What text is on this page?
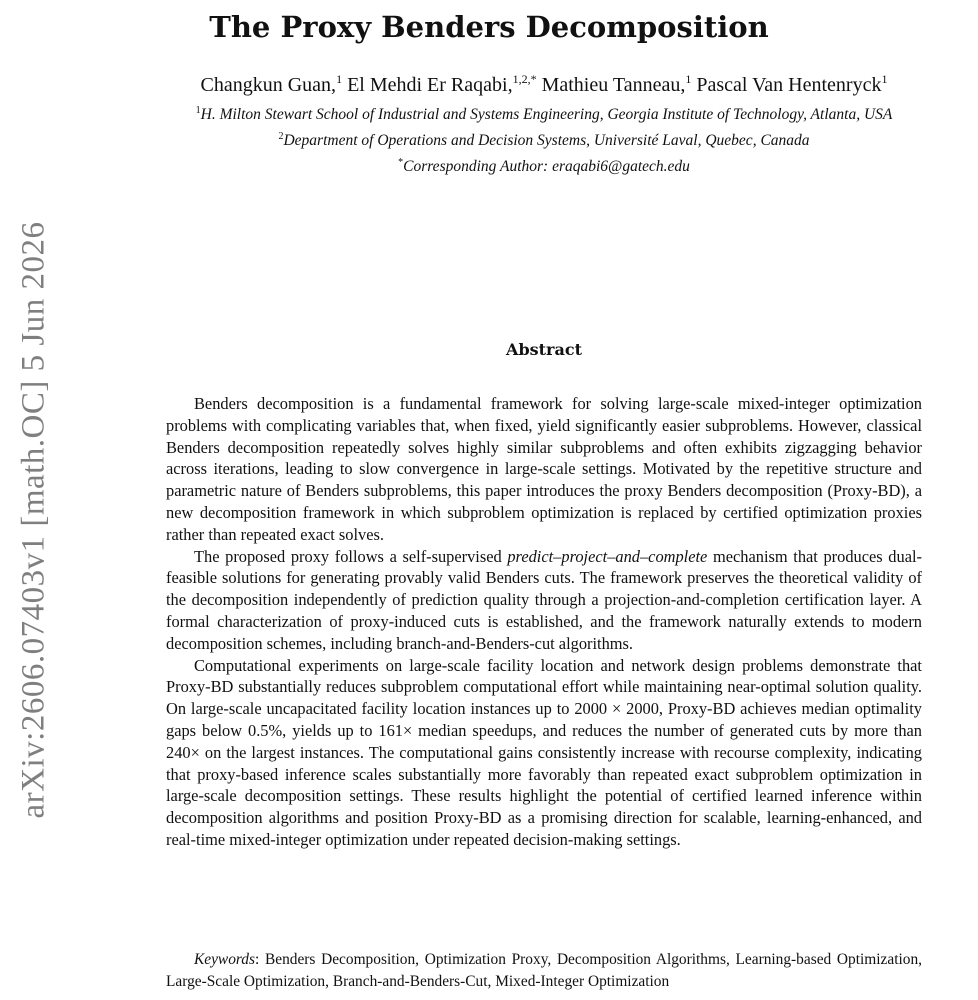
arXiv:2606.07403v1 [math.OC] 5 Jun 2026
The Proxy Benders Decomposition
Changkun Guan,$^1$ El Mehdi Er Raqabi,$^{1,2,*}$ Mathieu Tanneau,$^1$ Pascal Van Hentenryck$^1$
$^1$H. Milton Stewart School of Industrial and Systems Engineering, Georgia Institute of Technology, Atlanta, USA
$^2$Department of Operations and Decision Systems, Université Laval, Quebec, Canada
*Corresponding Author: eraqabi6@gatech.edu
Abstract

Benders decomposition is a fundamental framework for solving large-scale mixed-integer optimization problems with complicating variables that, when fixed, yield significantly easier subproblems. However, classical Benders decomposition repeatedly solves highly similar subproblems and often exhibits zigzagging behavior across iterations, leading to slow convergence in large-scale settings. Motivated by the repetitive structure and parametric nature of Benders subproblems, this paper introduces the proxy Benders decomposition (Proxy-BD), a new decomposition framework in which subproblem optimization is replaced by certified optimization proxies rather than repeated exact solves.

The proposed proxy follows a self-supervised predict–project–and–complete mechanism that produces dual-feasible solutions for generating provably valid Benders cuts. The framework preserves the theoretical validity of the decomposition independently of prediction quality through a projection-and-completion certification layer. A formal characterization of proxy-induced cuts is established, and the framework naturally extends to modern decomposition schemes, including branch-and-Benders-cut algorithms.

Computational experiments on large-scale facility location and network design problems demonstrate that Proxy-BD substantially reduces subproblem computational effort while maintaining near-optimal solution quality. On large-scale uncapacitated facility location instances up to 2000 × 2000, Proxy-BD achieves median optimality gaps below 0.5%, yields up to 161× median speedups, and reduces the number of generated cuts by more than 240× on the largest instances. The computational gains consistently increase with recourse complexity, indicating that proxy-based inference scales substantially more favorably than repeated exact subproblem optimization in large-scale decomposition settings. These results highlight the potential of certified learned inference within decomposition algorithms and position Proxy-BD as a promising direction for scalable, learning-enhanced, and real-time mixed-integer optimization under repeated decision-making settings.

Keywords: Benders Decomposition, Optimization Proxy, Decomposition Algorithms, Learning-based Optimization, Large-Scale Optimization, Branch-and-Benders-Cut, Mixed-Integer Optimization
